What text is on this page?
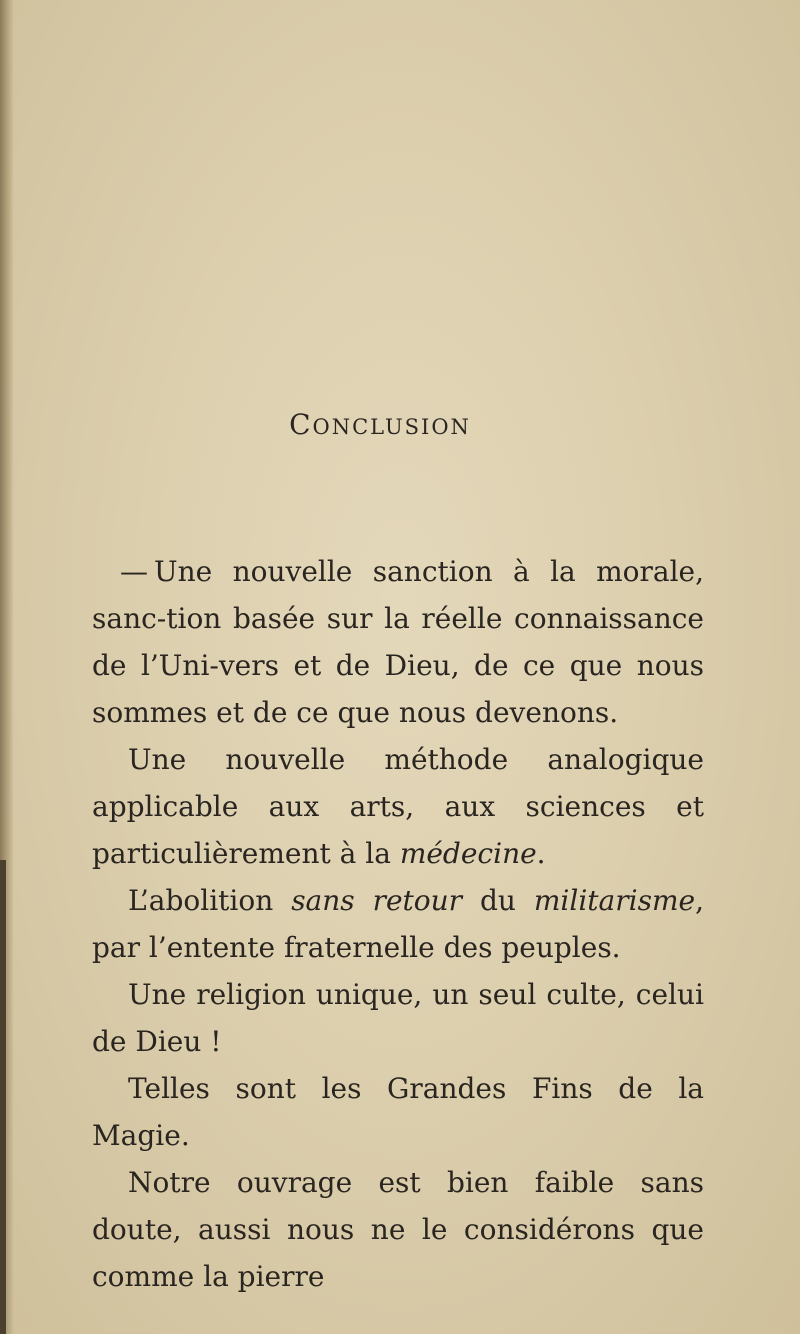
CONCLUSION

— Une nouvelle sanction à la morale, sanc-tion basée sur la réelle connaissance de l’Uni-vers et de Dieu, de ce que nous sommes et de ce que nous devenons.

Une nouvelle méthode analogique applicable aux arts, aux sciences et particulièrement à la médecine.

L’abolition sans retour du militarisme, par l’entente fraternelle des peuples.

Une religion unique, un seul culte, celui de Dieu !

Telles sont les Grandes Fins de la Magie.

Notre ouvrage est bien faible sans doute, aussi nous ne le considérons que comme la pierre
